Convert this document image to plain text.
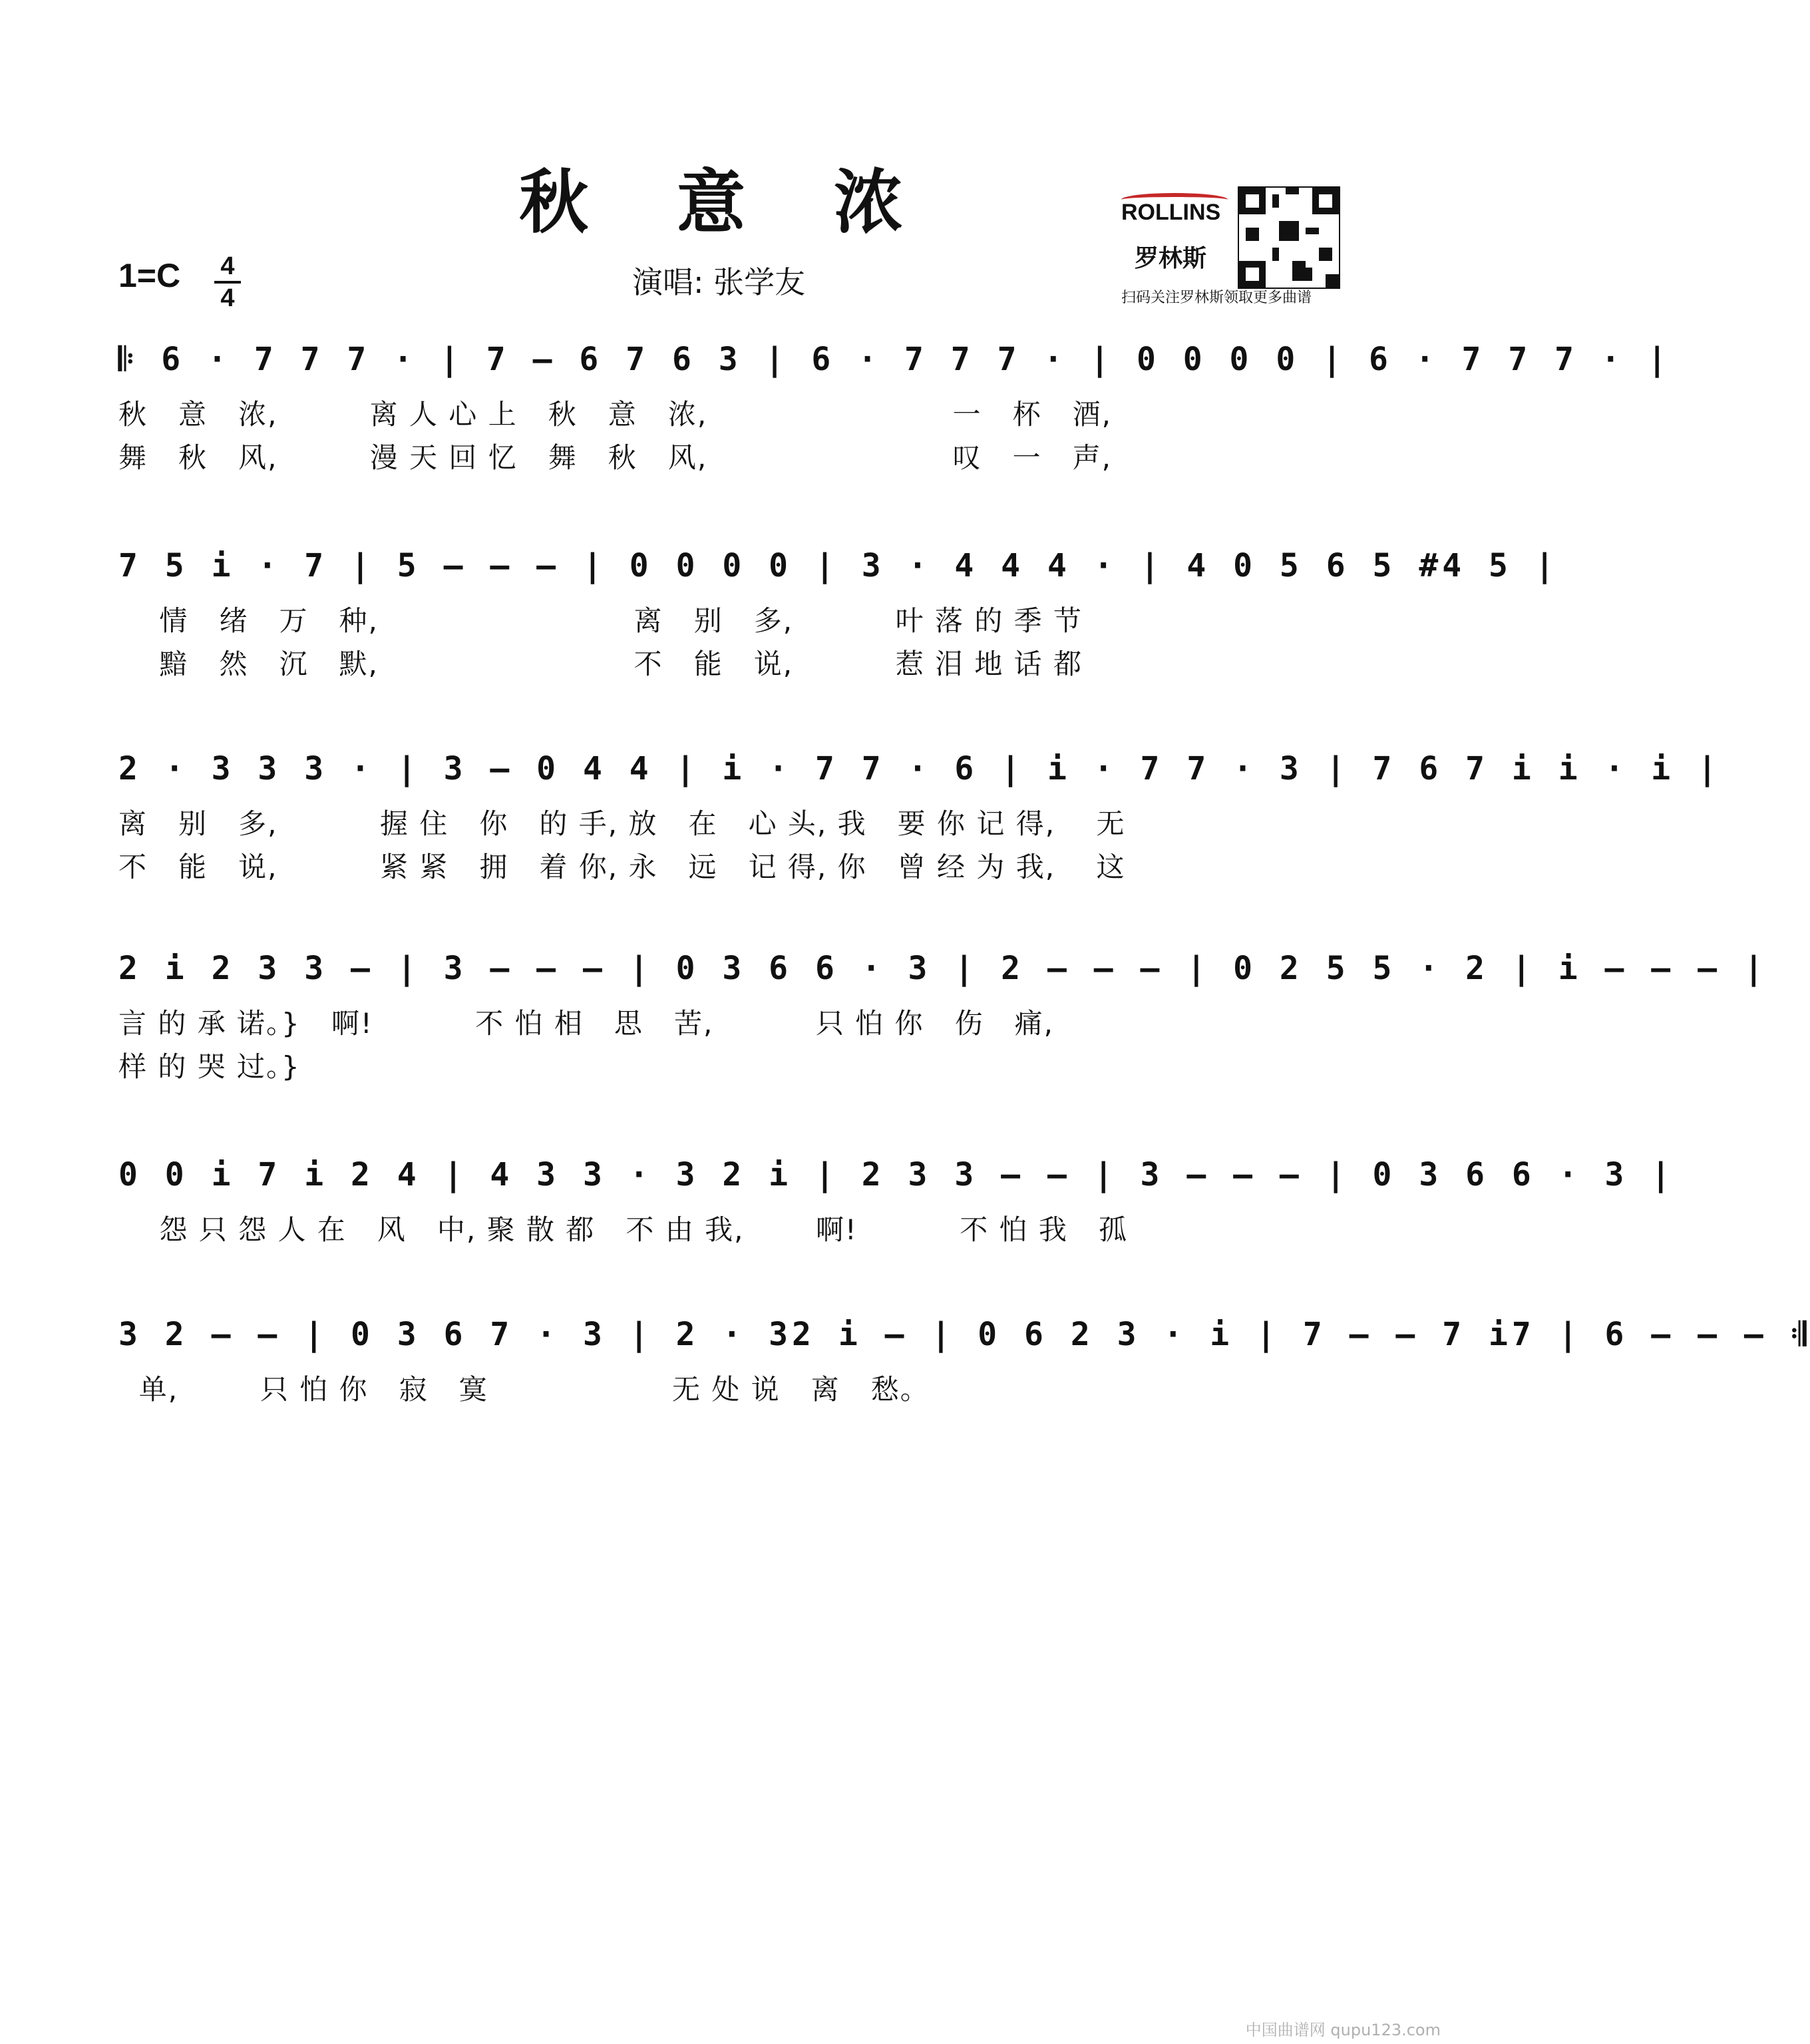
秋 意 浓
1=C 4
4	演唱: 张学友
ROLLINS
罗林斯
扫码关注罗林斯领取更多曲谱
𝄆 6 · 7 7 7 · | 7 – 6 7 6 3 | 6 · 7 7 7 · | 0 0 0 0 | 6 · 7 7 7 · |
秋   意   浓,         离 人 心 上   秋   意   浓,                        一   杯   酒,
舞   秋   风,         漫 天 回 忆   舞   秋   风,                        叹   一   声,
7 5 i · 7 | 5 – – – | 0 0 0 0 | 3 · 4 4 4 · | 4 0 5 6 5 #4 5 |
情   绪   万   种,                         离   别   多,          叶 落 的 季 节
黯   然   沉   默,                         不   能   说,          惹 泪 地 话 都
2 · 3 3 3 · | 3 – 0 4 4 | i · 7 7 · 6 | i · 7 7 · 3 | 7 6 7 i i · i |
离   别   多,          握 住   你   的 手, 放   在   心 头, 我   要 你 记 得,    无
不   能   说,          紧 紧   拥   着 你, 永   远   记 得, 你   曾 经 为 我,    这
2 i 2 3 3 – | 3 – – – | 0 3 6 6 · 3 | 2 – – – | 0 2 5 5 · 2 | i – – – |
言 的 承 诺。}   啊!          不 怕 相   思   苦,          只 怕 你   伤   痛,
样 的 哭 过。}
0 0 i 7 i 2 4 | 4 3 3 · 3 2 i | 2 3 3 – – | 3 – – – | 0 3 6 6 · 3 |
怨 只 怨 人 在   风   中, 聚 散 都   不 由 我,       啊!          不 怕 我   孤
3 2 – – | 0 3 6 7 · 3 | 2 · 32 i – | 0 6 2 3 · i | 7 – – 7 i7 | 6 – – – 𝄇
单,        只 怕 你   寂   寞                  无 处 说   离   愁。
中国曲谱网 qupu123.com
